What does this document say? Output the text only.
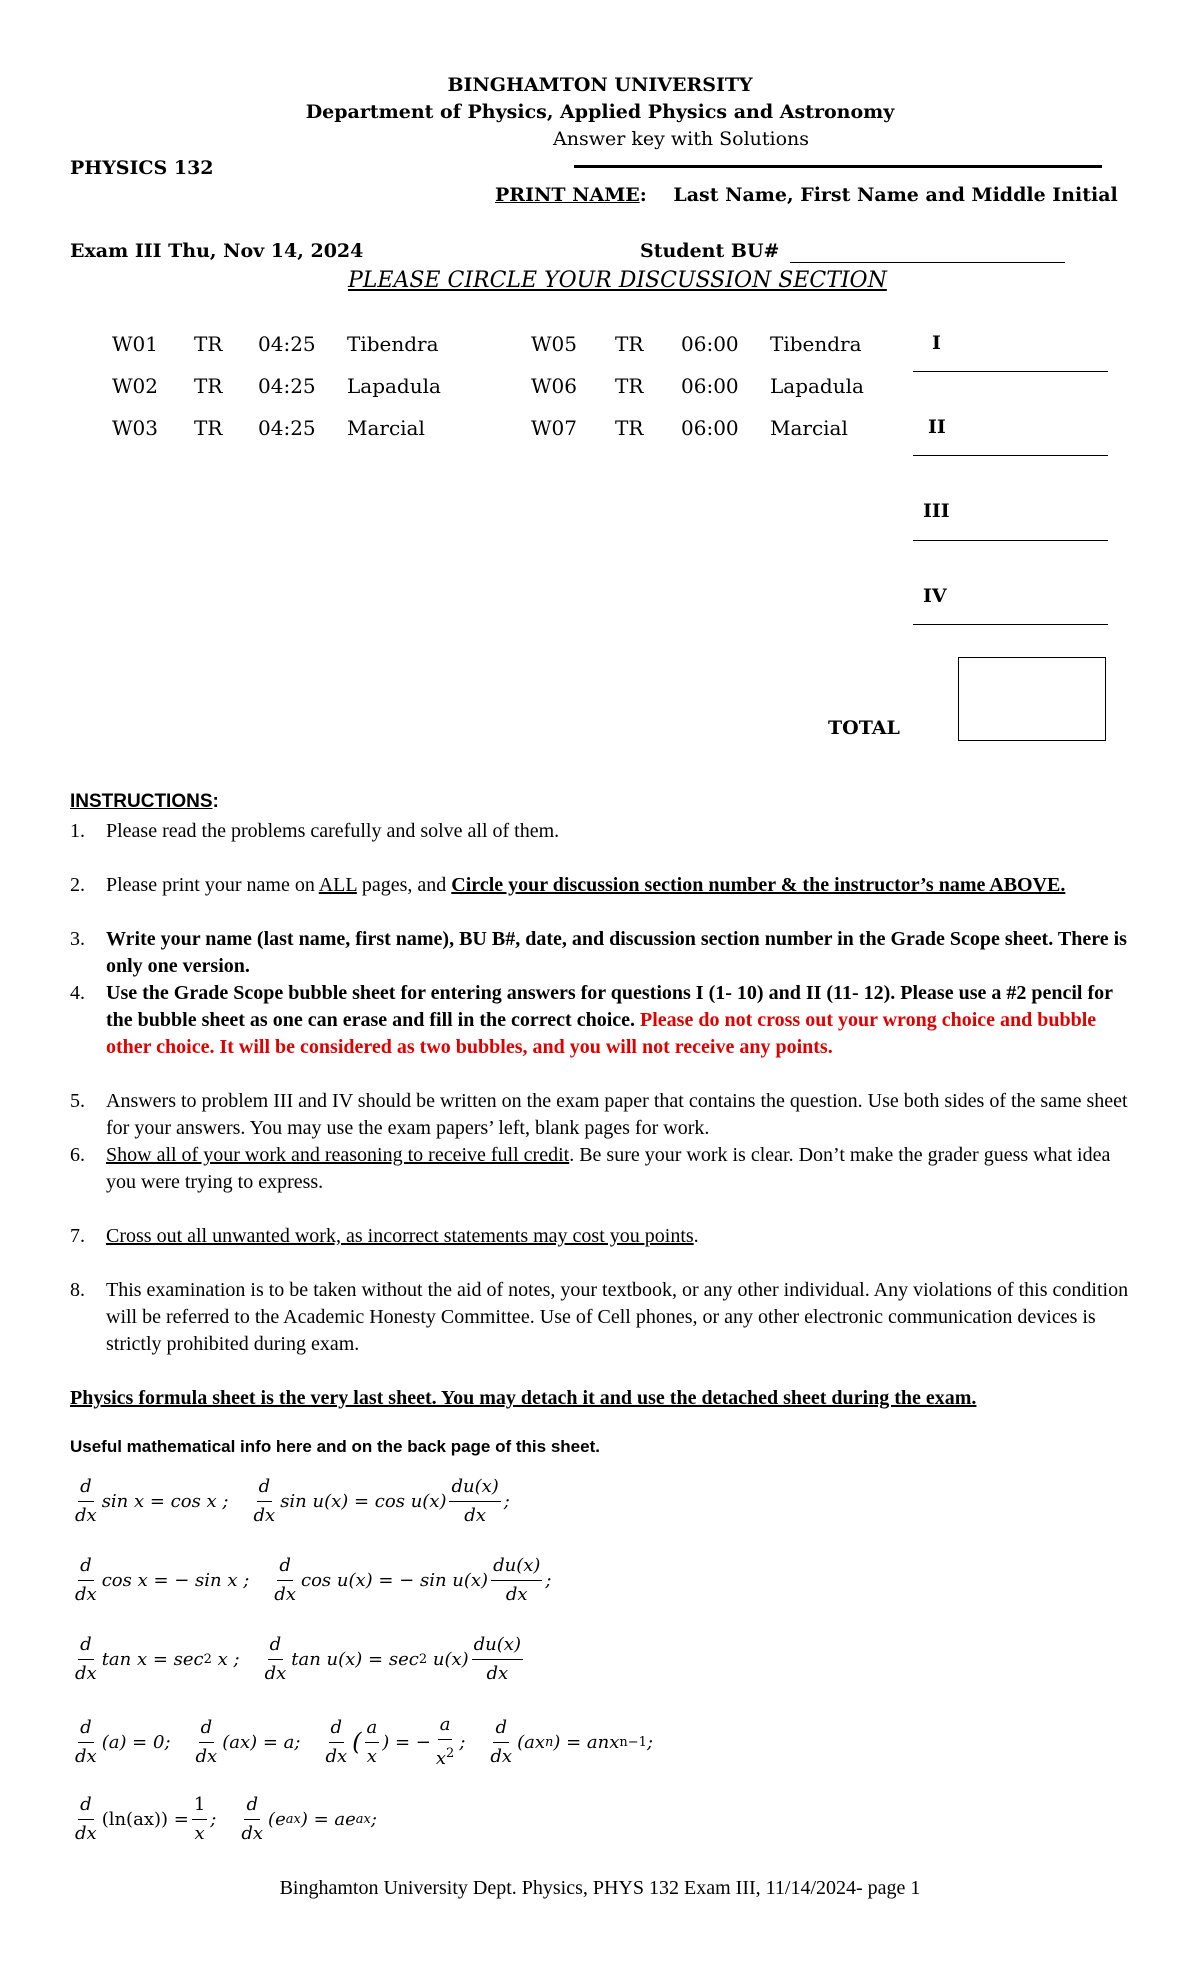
BINGHAMTON UNIVERSITY
Department of Physics, Applied Physics and Astronomy
Answer key with Solutions
PHYSICS 132
PRINT NAME: Last Name, First Name and Middle Initial
Exam III Thu, Nov 14, 2024	Student BU#
PLEASE CIRCLE YOUR DISCUSSION SECTION
W01 TR 04:25 Tibendra	W05 TR 06:00 Tibendra
W02 TR 04:25 Lapadula	W06 TR 06:00 Lapadula
W03 TR 04:25 Marcial	W07 TR 06:00 Marcial
I
II
III
IV
TOTAL
INSTRUCTIONS:
1.	Please read the problems carefully and solve all of them.
2.	Please print your name on ALL pages, and Circle your discussion section number & the instructor’s name ABOVE.
3.	Write your name (last name, first name), BU B#, date, and discussion section number in the Grade Scope sheet. There is only one version.
4.	Use the Grade Scope bubble sheet for entering answers for questions I (1- 10) and II (11- 12). Please use a #2 pencil for the bubble sheet as one can erase and fill in the correct choice. Please do not cross out your wrong choice and bubble other choice. It will be considered as two bubbles, and you will not receive any points.
5.	Answers to problem III and IV should be written on the exam paper that contains the question. Use both sides of the same sheet for your answers. You may use the exam papers’ left, blank pages for work.
6.	Show all of your work and reasoning to receive full credit. Be sure your work is clear. Don’t make the grader guess what idea you were trying to express.
7.	Cross out all unwanted work, as incorrect statements may cost you points.
8.	This examination is to be taken without the aid of notes, your textbook, or any other individual. Any violations of this condition will be referred to the Academic Honesty Committee. Use of Cell phones, or any other electronic communication devices is strictly prohibited during exam.
Physics formula sheet is the very last sheet. You may detach it and use the detached sheet during the exam.
Useful mathematical info here and on the back page of this sheet.
$\frac{d}{dx}$ sin x = cos x ; $\frac{d}{dx}$ $\sin u(x) = \cos u(x) \frac{du(x)}{dx}$ ;
$\frac{d}{dx}$ cos x = − sin x ; $\frac{d}{dx}$ cos u(x) = − $\sin u(x) \frac{du(x)}{dx}$ ;
$\frac{d}{dx}$ tan x = sec 2
x ; $\frac{d}{dx}$ tan u(x) = sec 2
$u(x) \frac{du(x)}{dx}$
$\frac{d}{dx} (a) = 0$; $\frac{d}{dx} (ax) = a$; $\frac{d}{dx}$ ( $\frac{a}{x}$ ) = − $\frac{a}{x^2}$ ; $\frac{d}{dx} (ax$ n ) = anx n−1 ;
$\frac{d}{dx} (\ln(ax)) = \frac{1}{x}$ ; $\frac{d}{dx} (e$ ax ) = ae ax ;
Binghamton University Dept. Physics, PHYS 132 Exam III, 11/14/2024- page 1
